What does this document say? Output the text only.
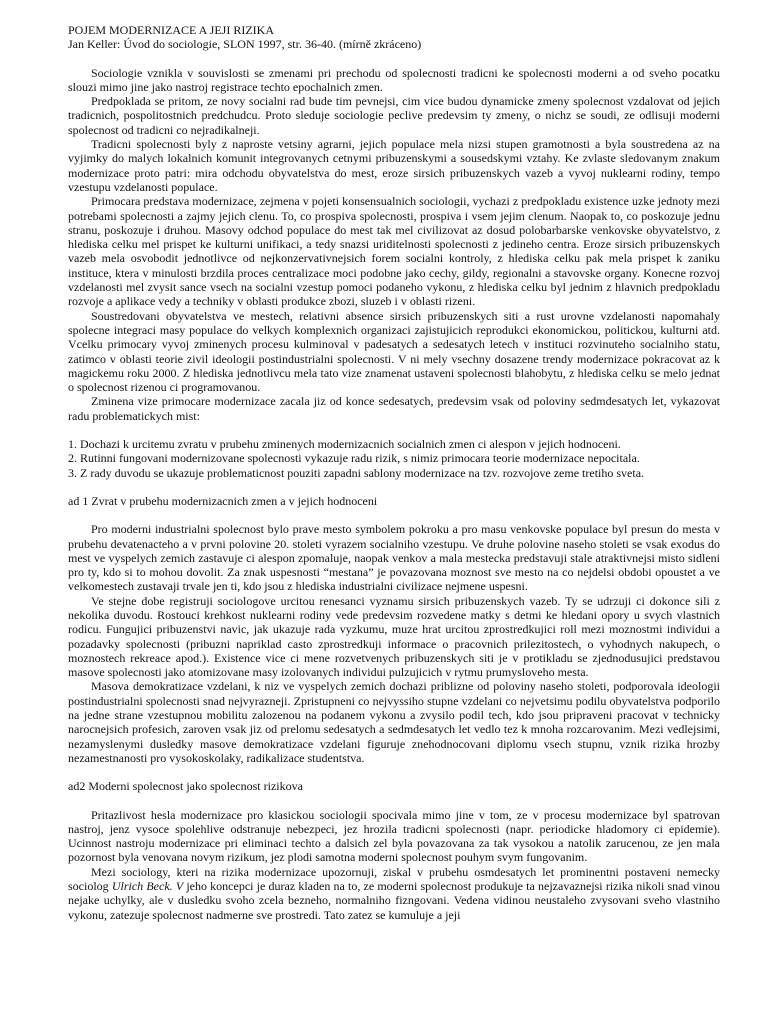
POJEM MODERNIZACE A JEJI RIZIKA
Jan Keller: Úvod do sociologie, SLON 1997, str. 36-40. (mírně zkráceno)

Sociologie vznikla v souvislosti se zmenami pri prechodu od spolecnosti tradicni ke spolecnosti moderni a od sveho pocatku slouzi mimo jine jako nastroj registrace techto epochalnich zmen.

Predpoklada se pritom, ze novy socialni rad bude tim pevnejsi, cim vice budou dynamicke zmeny spolecnost vzdalovat od jejich tradicnich, pospolitostnich predchudcu. Proto sleduje sociologie peclive predevsim ty zmeny, o nichz se soudi, ze odlisuji moderni spolecnost od tradicni co nejradikalneji.

Tradicni spolecnosti byly z naproste vetsiny agrarni, jejich populace mela nizsi stupen gramotnosti a byla soustredena az na vyjimky do malych lokalnich komunit integrovanych cetnymi pribuzenskymi a sousedskymi vztahy. Ke zvlaste sledovanym znakum modernizace proto patri: mira odchodu obyvatelstva do mest, eroze sirsich pribuzenskych vazeb a vyvoj nuklearni rodiny, tempo vzestupu vzdelanosti populace.

Primocara predstava modernizace, zejmena v pojeti konsensualnich sociologii, vychazi z predpokladu existence uzke jednoty mezi potrebami spolecnosti a zajmy jejich clenu. To, co prospiva spolecnosti, prospiva i vsem jejim clenum. Naopak to, co poskozuje jednu stranu, poskozuje i druhou. Masovy odchod populace do mest tak mel civilizovat az dosud polobarbarske venkovske obyvatelstvo, z hlediska celku mel prispet ke kulturni unifikaci, a tedy snazsi uriditelnosti spolecnosti z jedineho centra. Eroze sirsich pribuzenskych vazeb mela osvobodit jednotlivce od nejkonzervativnejsich forem socialni kontroly, z hlediska celku pak mela prispet k zaniku instituce, ktera v minulosti brzdila proces centralizace moci podobne jako cechy, gildy, regionalni a stavovske organy. Konecne rozvoj vzdelanosti mel zvysit sance vsech na socialni vzestup pomoci podaneho vykonu, z hlediska celku byl jednim z hlavnich predpokladu rozvoje a aplikace vedy a techniky v oblasti produkce zbozi, sluzeb i v oblasti rizeni.

Soustredovani obyvatelstva ve mestech, relativni absence sirsich pribuzenskych siti a rust urovne vzdelanosti napomahaly spolecne integraci masy populace do velkych komplexnich organizaci zajistujicich reprodukci ekonomickou, politickou, kulturni atd. Vcelku primocary vyvoj zminenych procesu kulminoval v padesatych a sedesatych letech v instituci rozvinuteho socialniho statu, zatimco v oblasti teorie zivil ideologii postindustrialni spolecnosti. V ni mely vsechny dosazene trendy modernizace pokracovat az k magickemu roku 2000. Z hlediska jednotlivcu mela tato vize znamenat ustaveni spolecnosti blahobytu, z hlediska celku se melo jednat o spolecnost rizenou ci programovanou.

Zminena vize primocare modernizace zacala jiz od konce sedesatych, predevsim vsak od poloviny sedmdesatych let, vykazovat radu problematickych mist:

1. Dochazi k urcitemu zvratu v prubehu zminenych modernizacnich socialnich zmen ci alespon v jejich hodnoceni.
2. Rutinni fungovani modernizovane spolecnosti vykazuje radu rizik, s nimiz primocara teorie modernizace nepocitala.
3. Z rady duvodu se ukazuje problematicnost pouziti zapadni sablony modernizace na tzv. rozvojove zeme tretiho sveta.

ad 1 Zvrat v prubehu modernizacnich zmen a v jejich hodnoceni

Pro moderni industrialni spolecnost bylo prave mesto symbolem pokroku a pro masu venkovske populace byl presun do mesta v prubehu devatenacteho a v prvni polovine 20. stoleti vyrazem socialniho vzestupu. Ve druhe polovine naseho stoleti se vsak exodus do mest ve vyspelych zemich zastavuje ci alespon zpomaluje, naopak venkov a mala mestecka predstavuji stale atraktivnejsi misto sidleni pro ty, kdo si to mohou dovolit. Za znak uspesnosti “mestana” je povazovana moznost sve mesto na co nejdelsi obdobi opoustet a ve velkomestech zustavaji trvale jen ti, kdo jsou z hlediska industrialni civilizace nejmene uspesni.

Ve stejne dobe registruji sociologove urcitou renesanci vyznamu sirsich pribuzenskych vazeb. Ty se udrzuji ci dokonce sili z nekolika duvodu. Rostouci krehkost nuklearni rodiny vede predevsim rozvedene matky s detmi ke hledani opory u svych vlastnich rodicu. Fungujici pribuzenstvi navic, jak ukazuje rada vyzkumu, muze hrat urcitou zprostredkujici roll mezi moznostmi individui a pozadavky spolecnosti (pribuzni napriklad casto zprostredkuji informace o pracovnich prilezitostech, o vyhodnych nakupech, o moznostech rekreace apod.). Existence vice ci mene rozvetvenych pribuzenskych siti je v protikladu se zjednodusujici predstavou masove spolecnosti jako atomizovane masy izolovanych individui pulzujicich v rytmu prumysloveho mesta.

Masova demokratizace vzdelani, k niz ve vyspelych zemich dochazi priblizne od poloviny naseho stoleti, podporovala ideologii postindustrialni spolecnosti snad nejvyrazneji. Zpristupneni co nejvyssiho stupne vzdelani co nejvetsimu podilu obyvatelstva podporilo na jedne strane vzestupnou mobilitu zalozenou na podanem vykonu a zvysilo podil tech, kdo jsou pripraveni pracovat v technicky narocnejsich profesich, zaroven vsak jiz od prelomu sedesatych a sedmdesatych let vedlo tez k mnoha rozcarovanim. Mezi vedlejsimi, nezamyslenymi dusledky masove demokratizace vzdelani figuruje znehodnocovani diplomu vsech stupnu, vznik rizika hrozby nezamestnanosti pro vysokoskolaky, radikalizace studentstva.

ad2 Moderni spolecnost jako spolecnost rizikova

Pritazlivost hesla modernizace pro klasickou sociologii spocivala mimo jine v tom, ze v procesu modernizace byl spatrovan nastroj, jenz vysoce spolehlive odstranuje nebezpeci, jez hrozila tradicni spolecnosti (napr. periodicke hladomory ci epidemie). Ucinnost nastroju modernizace pri eliminaci techto a dalsich zel byla povazovana za tak vysokou a natolik zarucenou, ze jen mala pozornost byla venovana novym rizikum, jez plodi samotna moderni spolecnost pouhym svym fungovanim.

Mezi sociology, kteri na rizika modernizace upozornuji, ziskal v prubehu osmdesatych let prominentni postaveni nemecky sociolog Ulrich Beck. V jeho koncepci je duraz kladen na to, ze moderni spolecnost produkuje ta nejzavaznejsi rizika nikoli snad vinou nejake uchylky, ale v dusledku svoho zcela bezneho, normalniho fizngovani. Vedena vidinou neustaleho zvysovani sveho vlastniho vykonu, zatezuje spolecnost nadmerne sve prostredi. Tato zatez se kumuluje a jeji
